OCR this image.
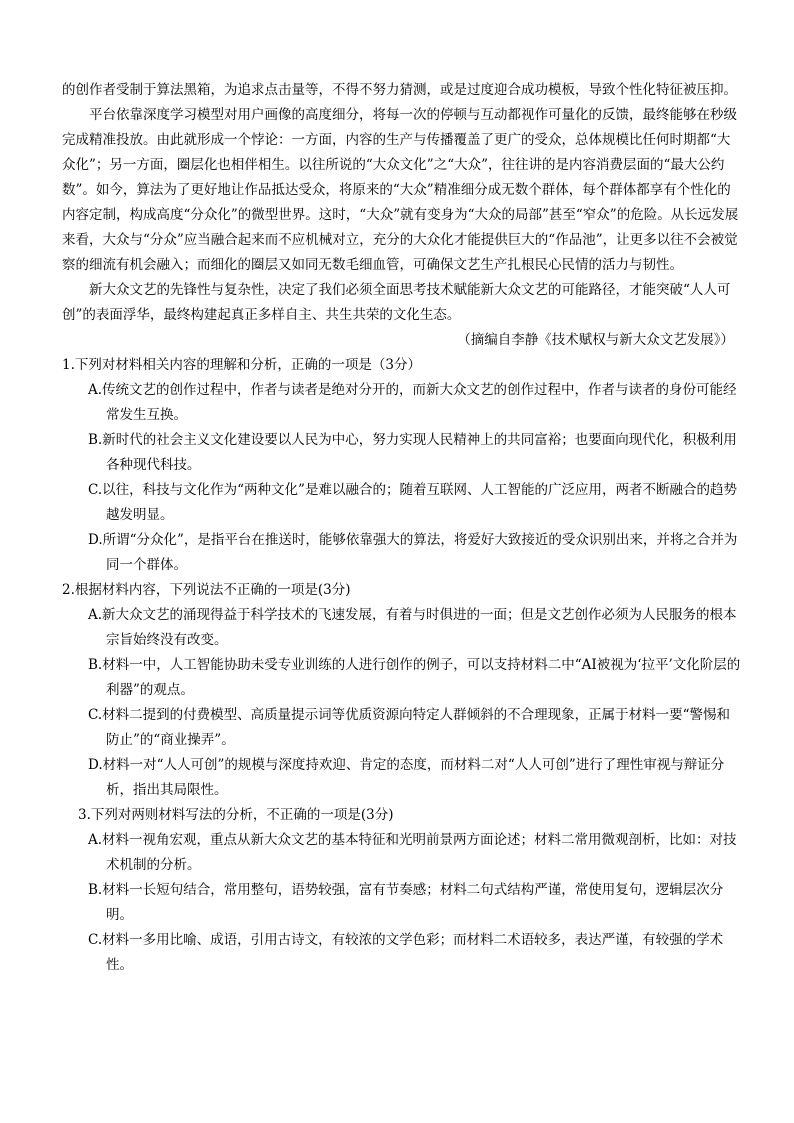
的创作者受制于算法黑箱，为追求点击量等，不得不努力猜测，或是过度迎合成功模板，导致个性化特征被压抑。

平台依靠深度学习模型对用户画像的高度细分，将每一次的停顿与互动都视作可量化的反馈，最终能够在秒级完成精准投放。由此就形成一个悖论：一方面，内容的生产与传播覆盖了更广的受众，总体规模比任何时期都“大众化”；另一方面，圈层化也相伴相生。以往所说的“大众文化”之“大众”，往往讲的是内容消费层面的“最大公约数”。如今，算法为了更好地让作品抵达受众，将原来的“大众”精准细分成无数个群体，每个群体都享有个性化的内容定制，构成高度“分众化”的微型世界。这时，“大众”就有变身为“大众的局部”甚至“窄众”的危险。从长远发展来看，大众与“分众”应当融合起来而不应机械对立，充分的大众化才能提供巨大的“作品池”，让更多以往不会被觉察的细流有机会融入；而细化的圈层又如同无数毛细血管，可确保文艺生产扎根民心民情的活力与韧性。

新大众文艺的先锋性与复杂性，决定了我们必须全面思考技术赋能新大众文艺的可能路径，才能突破“人人可创”的表面浮华，最终构建起真正多样自主、共生共荣的文化生态。

（摘编自李静《技术赋权与新大众文艺发展》）

1.下列对材料相关内容的理解和分析，正确的一项是（3分）

A.传统文艺的创作过程中，作者与读者是绝对分开的，而新大众文艺的创作过程中，作者与读者的身份可能经常发生互换。

B.新时代的社会主义文化建设要以人民为中心，努力实现人民精神上的共同富裕；也要面向现代化，积极利用各种现代科技。

C.以往，科技与文化作为“两种文化”是难以融合的；随着互联网、人工智能的广泛应用，两者不断融合的趋势越发明显。

D.所谓“分众化”，是指平台在推送时，能够依靠强大的算法，将爱好大致接近的受众识别出来，并将之合并为同一个群体。

2.根据材料内容，下列说法不正确的一项是(3分)

A.新大众文艺的涌现得益于科学技术的飞速发展，有着与时俱进的一面；但是文艺创作必须为人民服务的根本宗旨始终没有改变。

B.材料一中，人工智能协助未受专业训练的人进行创作的例子，可以支持材料二中“AI被视为‘拉平’文化阶层的利器”的观点。

C.材料二提到的付费模型、高质量提示词等优质资源向特定人群倾斜的不合理现象，正属于材料一要“警惕和防止”的“商业操弄”。

D.材料一对“人人可创”的规模与深度持欢迎、肯定的态度，而材料二对“人人可创”进行了理性审视与辩证分析，指出其局限性。

3.下列对两则材料写法的分析，不正确的一项是(3分)

A.材料一视角宏观，重点从新大众文艺的基本特征和光明前景两方面论述；材料二常用微观剖析，比如：对技术机制的分析。

B.材料一长短句结合，常用整句，语势较强，富有节奏感；材料二句式结构严谨，常使用复句，逻辑层次分明。

C.材料一多用比喻、成语，引用古诗文，有较浓的文学色彩；而材料二术语较多，表达严谨，有较强的学术性。
